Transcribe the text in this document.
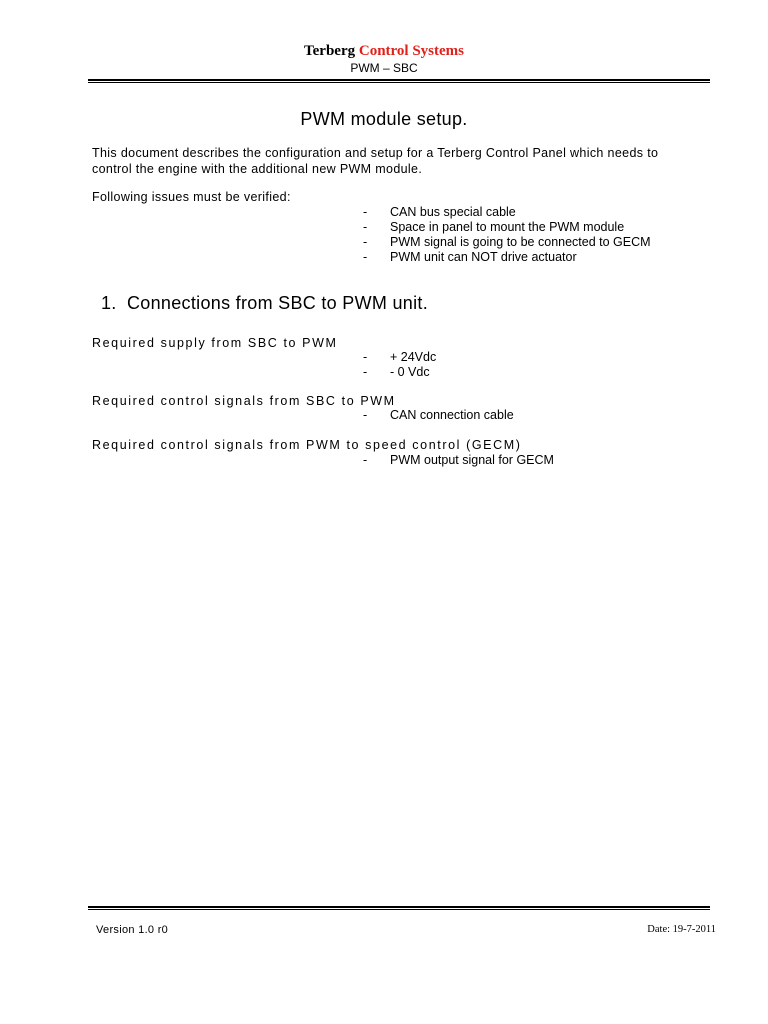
Terberg Control Systems
PWM – SBC
PWM module setup.
This document describes the configuration and setup for a Terberg Control Panel which needs to
control the engine with the additional new PWM module.
Following issues must be verified:
-	CAN bus special cable
-	Space in panel to mount the PWM module
-	PWM signal is going to be connected to GECM
-	PWM unit can NOT drive actuator
1. Connections from SBC to PWM unit.
Required supply from SBC to PWM
-	+ 24Vdc
-	- 0 Vdc
Required control signals from SBC to PWM
-	CAN connection cable
Required control signals from PWM to speed control (GECM)
-	PWM output signal for GECM
Version 1.0 r0	Date: 19-7-2011
